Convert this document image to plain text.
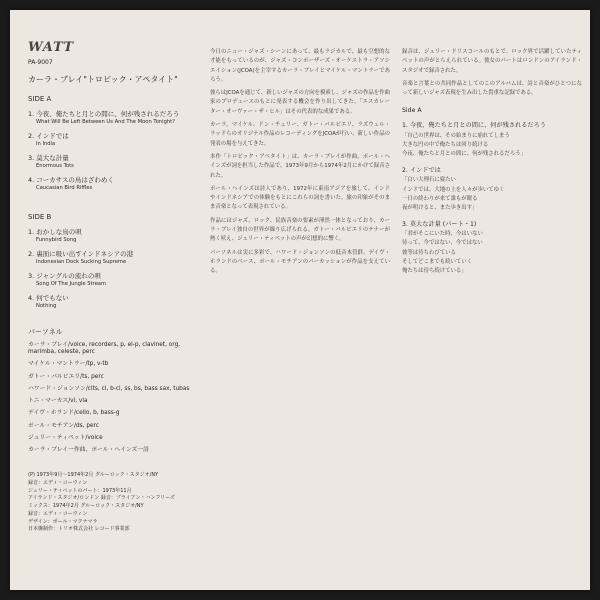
WATT
PA-9007
カーラ・ブレイ"トロピック・アペタイト"
SIDE A
1. 今夜、俺たちと月との間に、何が残されるだろう
What Will Be Left Between Us And The Moon Tonight?
2. インドでは
In India
3. 莫大な計量
Enormous Tots
4. コーカサスの鳥はざわめく
Caucasian Bird Riffles
SIDE B
1. おかしな鳥の唄
Funnybird Song
2. 裏面に吸い出すインドネシアの港
Indonesian Dock Sucking Supreme
3. ジャングルの流れの唄
Song Of The Jungle Stream
4. 何でもない
Nothing
パーソネル
カーラ・ブレイ/voice, recorders, p, el-p, clavinet, org, marimba, celeste, perc
マイケル・マントラー/tp, v-tb
ガトー・バルビエリ/ts, perc
ハワード・ジョンソン/clts, cl, b-cl, ss, bs, bass sax, tubas
トニ・マーカス/vl, vla
デイヴ・ホランド/cello, b, bass-g
ポール・モチアン/ds, perc
ジュリー・ティペット/voice
カーラ・ブレイ一作曲、ポール・ヘインズ一詩
(P) 1973年9月〜1974年2月 グルーロック・スタジオ/NY
録音：エディ・コーウィン
ジュリー・ティペットのパート：1973年11月
アイランド・スタジオ/ロンドン 録音：ブライアン・ハンフリーズ
ミックス：1974年2月 グルーロック・スタジオ/NY
録音：エディ・コーウィン
デザイン：ポール・マクナマラ
日本盤制作：トリオ株式会社 レコード事業部

今日のニュー・ジャズ・シーンにあって、最もラジカルで、最も空想的な才能をもっているのが、ジャズ・コンポーザーズ・オーケストラ・アソシエイション(JCOA)を主宰するカーラ・ブレイとマイケル・マントラーであろう。

彼らはJCOAを通じて、新しいジャズの方向を模索し、ジャズの作品を作曲家のプロデュースのもとに発表する機会を作り出してきた。「エスカレーター・オーヴァー・ザ・ヒル」はその代表的な成果である。

カーラ、マイケル、ドン・チェリー、ガトー・バルビエリ、ラズウェル・ラッドらのオリジナル作品のレコーディングをJCOAが行い、新しい作品の発表の場を与えてきた。

本作「トロピック・アペタイト」は、カーラ・ブレイが作曲、ポール・ヘインズが詞を担当した作品で、1973年9月から1974年2月にかけて録音された。

ポール・ヘインズは詩人であり、1972年に東南アジアを旅して、インドやインドネシアでの体験をもとにこれらの詞を書いた。旅の印象がそのまま音楽となって表現されている。

作品にはジャズ、ロック、民族音楽の要素が渾然一体となっており、カーラ・ブレイ独自の世界が繰り広げられる。ガトー・バルビエリのテナーが熱く吠え、ジュリー・ティペットの声が幻想的に響く。

パーソネルは実に多彩で、ハワード・ジョンソンの低音木管群、デイヴ・ホランドのベース、ポール・モチアンのパーカッションが作品を支えている。

録音は、ジュリー・ドリスコールのもとで、ロック界で活躍していたティペットの声がとらえられている。彼女のパートはロンドンのアイランド・スタジオで録音された。

音楽と言葉との共同作品としてのこのアルバムは、詩と音楽がひとつになって新しいジャズ表現を生み出した貴重な記録である。

Side A
1. 今夜、俺たちと月との間に、何が残されるだろう
「自己の世界は、その始まりに崩れてしまう
大きな円の中で俺たちは回り続ける
今夜、俺たちと月との間に、何が残されるだろう」
2. インドでは
「白い大理石に寝たい
インドでは、大地の上を人々が歩いてゆく
一日の終わりが来て誰もが眠る
夜が明けると、また歩き出す」
3. 莫大な計量 (パート・1)
「君がそこにいた時、今はいない
待って、今ではない、今ではない
彼等は待ちわびている
そしてどこまでも続いていく
俺たちは待ち続けている」
